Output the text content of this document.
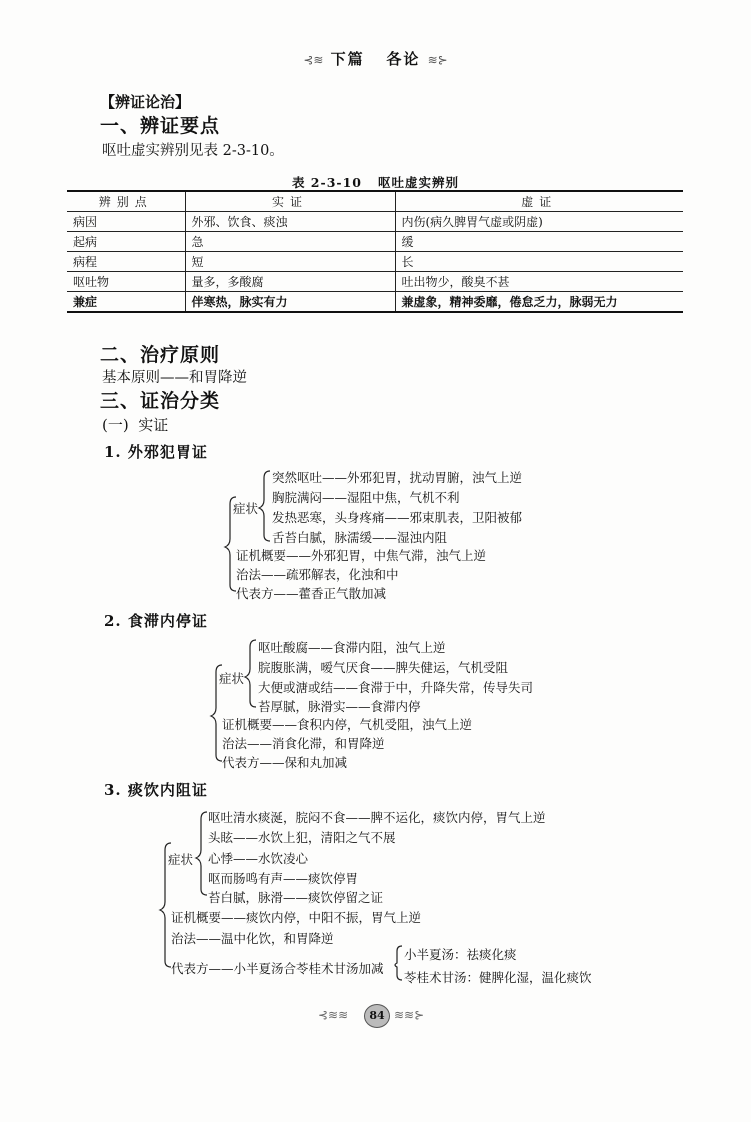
⊰≋ 下篇   各论 ≋⊱
【辨证论治】
一、辨证要点
呕吐虚实辨别见表 2-3-10。
表 2-3-10   呕吐虚实辨别
辨别点	实证	虚证
病因	外邪、饮食、痰浊	内伤(病久脾胃气虚或阴虚)
起病	急	缓
病程	短	长
呕吐物	量多，多酸腐	吐出物少，酸臭不甚
兼症	伴寒热，脉实有力	兼虚象，精神委靡，倦怠乏力，脉弱无力
二、治疗原则
基本原则——和胃降逆
三、证治分类
(一)  实证
1. 外邪犯胃证
症状
突然呕吐——外邪犯胃，扰动胃腑，浊气上逆
胸脘满闷——湿阻中焦，气机不利
发热恶寒，头身疼痛——邪束肌表，卫阳被郁
舌苔白腻，脉濡缓——湿浊内阻
证机概要——外邪犯胃，中焦气滞，浊气上逆
治法——疏邪解表，化浊和中
代表方——藿香正气散加减
2. 食滞内停证
症状
呕吐酸腐——食滞内阻，浊气上逆
脘腹胀满，嗳气厌食——脾失健运，气机受阻
大便或溏或结——食滞于中，升降失常，传导失司
苔厚腻，脉滑实——食滞内停
证机概要——食积内停，气机受阻，浊气上逆
治法——消食化滞，和胃降逆
代表方——保和丸加减
3. 痰饮内阻证
症状
呕吐清水痰涎，脘闷不食——脾不运化，痰饮内停，胃气上逆
头眩——水饮上犯，清阳之气不展
心悸——水饮凌心
呕而肠鸣有声——痰饮停胃
苔白腻，脉滑——痰饮停留之证
证机概要——痰饮内停，中阳不振，胃气上逆
治法——温中化饮，和胃降逆
代表方——小半夏汤合苓桂术甘汤加减
小半夏汤：祛痰化痰
苓桂术甘汤：健脾化湿，温化痰饮
⊰≋≋	84 ≋≋⊱
